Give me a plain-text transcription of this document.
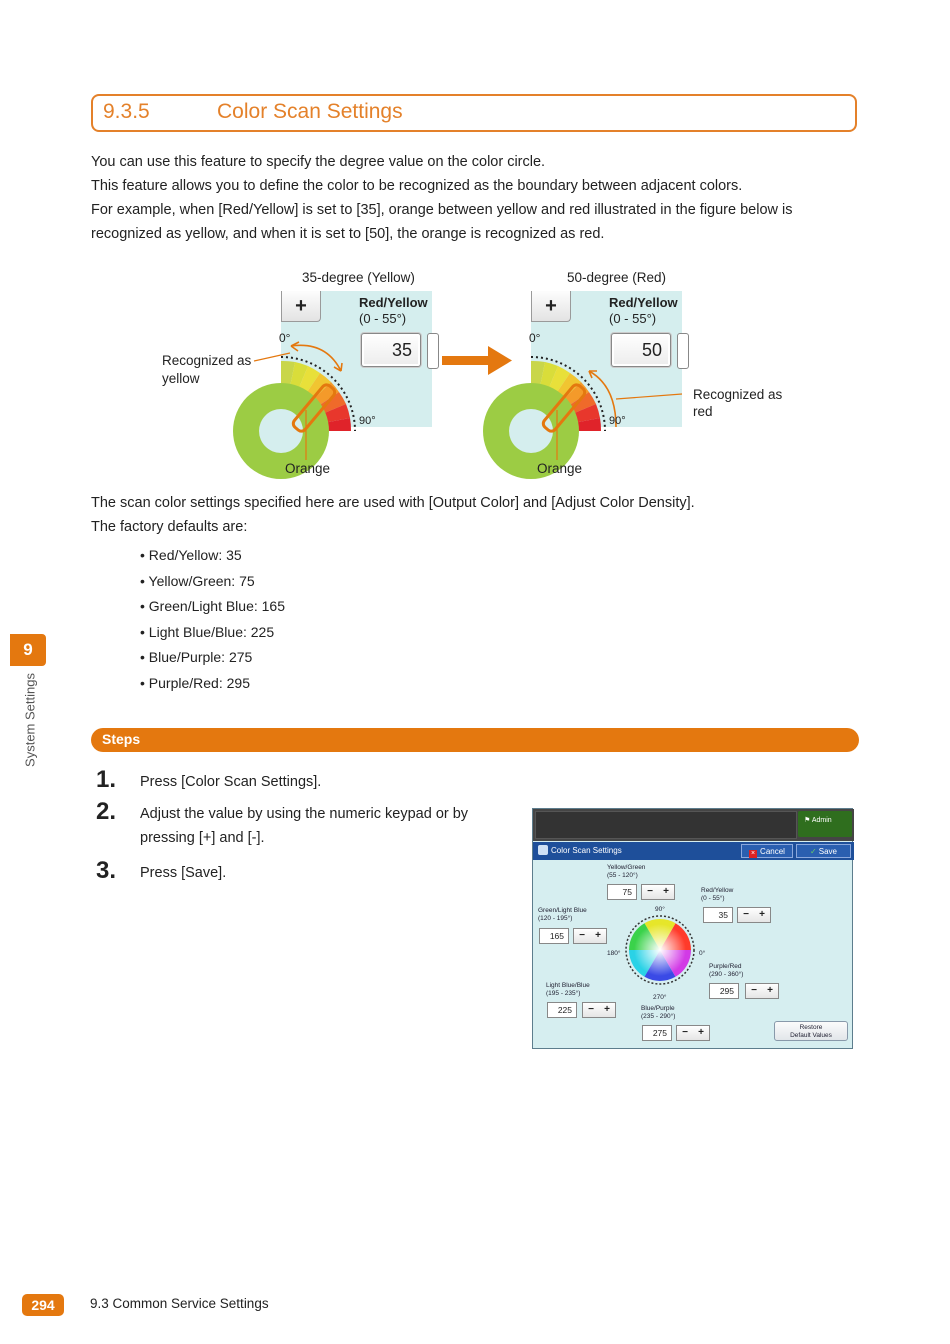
9.3.5	Color Scan Settings
You can use this feature to specify the degree value on the color circle.
This feature allows you to define the color to be recognized as the boundary between adjacent colors.
For example, when [Red/Yellow] is set to [35], orange between yellow and red illustrated in the figure below is
recognized as yellow, and when it is set to [50], the orange is recognized as red.
35-degree (Yellow)	50-degree (Red)
+	Red/Yellow
(0 - 55°)
35
0°
90°
+	Red/Yellow
(0 - 55°)
50
0°
90°
Recognized as
yellow
Orange	Orange
Recognized as
red
The scan color settings specified here are used with [Output Color] and [Adjust Color Density].
The factory defaults are:
• Red/Yellow: 35
• Yellow/Green: 75
• Green/Light Blue: 165
• Light Blue/Blue: 225
• Blue/Purple: 275
• Purple/Red: 295
9
System Settings	Steps
1. Press [Color Scan Settings].
2. Adjust the value by using the numeric keypad or by
pressing [+] and [-].
3. Press [Save].
⚑ Admin
Color Scan Settings	× Cancel	✓ Save
Yellow/Green
(55 - 120°)
75	− +	Red/Yellow
(0 - 55°)
35	− +
Green/Light Blue
(120 - 195°)
165	− +
90°
180°
270°
0°
Purple/Red
(290 - 360°)
295	− +
Light Blue/Blue
(195 - 235°)
225	− +	Blue/Purple
(235 - 290°)
275	− +	Restore
Default Values
294	9.3 Common Service Settings
